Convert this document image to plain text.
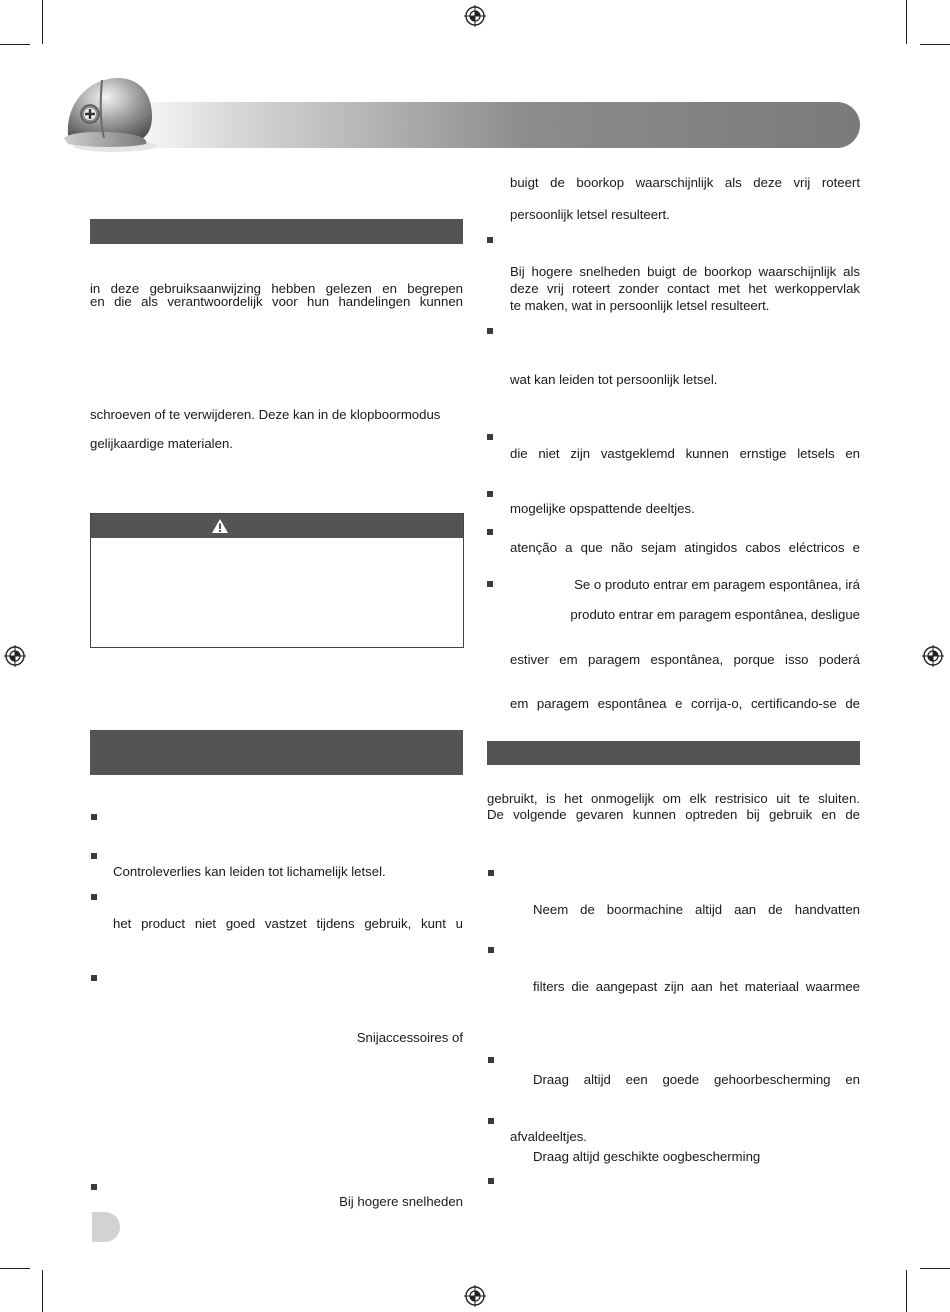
in deze gebruiksaanwijzing hebben gelezen en begrepen
en die als verantwoordelijk voor hun handelingen kunnen
schroeven of te verwijderen. Deze kan in de klopboormodus
gelijkaardige materialen.
Controleverlies kan leiden tot lichamelijk letsel.
het product niet goed vastzet tijdens gebruik, kunt u
Snijaccessoires of
Bij hogere snelheden
buigt de boorkop waarschijnlijk als deze vrij roteert
persoonlijk letsel resulteert.
Bij hogere snelheden buigt de boorkop waarschijnlijk als
deze vrij roteert zonder contact met het werkoppervlak
te maken, wat in persoonlijk letsel resulteert.
wat kan leiden tot persoonlijk letsel.
die niet zijn vastgeklemd kunnen ernstige letsels en
mogelijke opspattende deeltjes.
atenção a que não sejam atingidos cabos eléctricos e
Se o produto entrar em paragem espontânea, irá
produto entrar em paragem espontânea, desligue
estiver em paragem espontânea, porque isso poderá
em paragem espontânea e corrija-o, certificando-se de
gebruikt, is het onmogelijk om elk restrisico uit te sluiten.
De volgende gevaren kunnen optreden bij gebruik en de
Neem de boormachine altijd aan de handvatten
filters die aangepast zijn aan het materiaal waarmee
Draag altijd een goede gehoorbescherming en
afvaldeeltjes.
Draag altijd geschikte oogbescherming
